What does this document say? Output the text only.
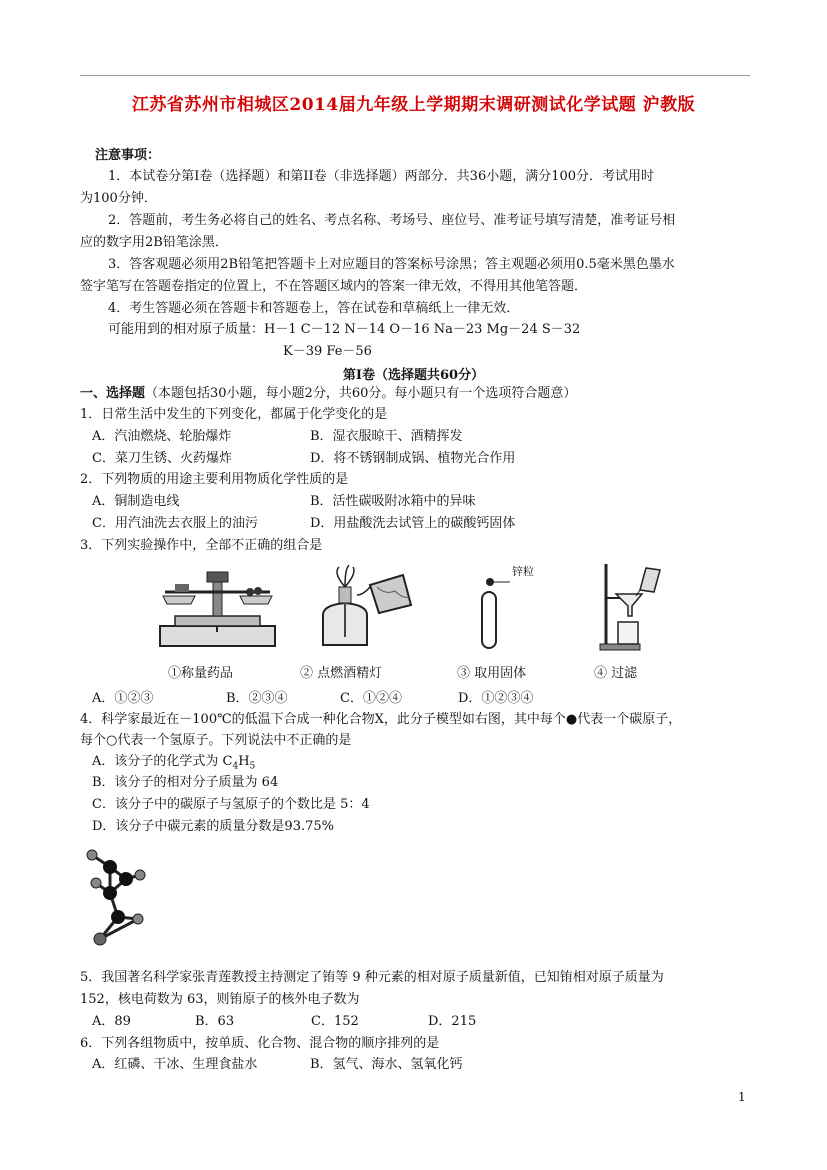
江苏省苏州市相城区2014届九年级上学期期末调研测试化学试题 沪教版
注意事项：
1．本试卷分第Ⅰ卷（选择题）和第II卷（非选择题）两部分．共36小题，满分100分．考试用时
为100分钟．
2．答题前，考生务必将自己的姓名、考点名称、考场号、座位号、准考证号填写清楚，准考证号相
应的数字用2B铅笔涂黑．
3．答客观题必须用2B铅笔把答题卡上对应题目的答案标号涂黑；答主观题必须用0.5毫米黑色墨水
签字笔写在答题卷指定的位置上，不在答题区域内的答案一律无效，不得用其他笔答题．
4．考生答题必须在答题卡和答题卷上，答在试卷和草稿纸上一律无效．
可能用到的相对原子质量：H－1 C－12 N－14 O－16 Na－23 Mg－24 S－32
K－39 Fe－56
第Ⅰ卷（选择题共60分）
一、选择题（本题包括30小题，每小题2分，共60分。每小题只有一个选项符合题意）
1．日常生活中发生的下列变化，都属于化学变化的是
A．汽油燃烧、轮胎爆炸	B．湿衣服晾干、酒精挥发
C．菜刀生锈、火药爆炸	D．将不锈钢制成锅、植物光合作用
2．下列物质的用途主要利用物质化学性质的是
A．铜制造电线	B．活性碳吸附冰箱中的异味
C．用汽油洗去衣服上的油污	D．用盐酸洗去试管上的碳酸钙固体
3．下列实验操作中，全部不正确的组合是
锌粒
①称量药品	② 点燃酒精灯	③ 取用固体	④ 过滤
A．①②③	B．②③④	C．①②④	D．①②③④
4．科学家最近在－100℃的低温下合成一种化合物X，此分子模型如右图，其中每个●代表一个碳原子，
每个○代表一个氢原子。下列说法中不正确的是
A．该分子的化学式为 $C_4H_5$
B．该分子的相对分子质量为 64
C．该分子中的碳原子与氢原子的个数比是 5：4
D．该分子中碳元素的质量分数是93.75%
5．我国著名科学家张青莲教授主持测定了铕等 9 种元素的相对原子质量新值，已知铕相对原子质量为
152，核电荷数为 63，则铕原子的核外电子数为
A．89	B．63	C．152	D．215
6．下列各组物质中，按单质、化合物、混合物的顺序排列的是
A．红磷、干冰、生理食盐水	B．氢气、海水、氢氧化钙
1
